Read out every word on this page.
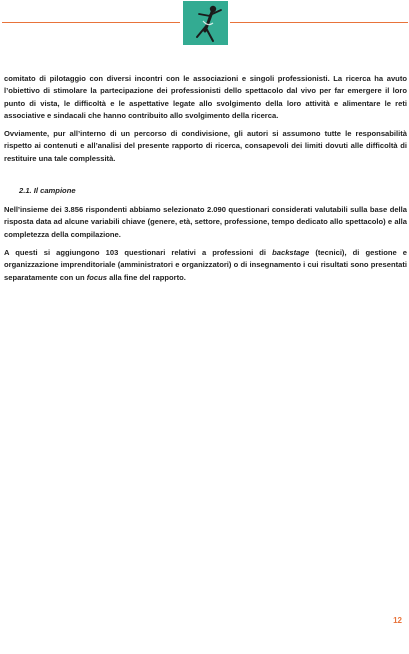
comitato di pilotaggio con diversi incontri con le associazioni e singoli professionisti. La ricerca ha avuto l’obiettivo di stimolare la partecipazione dei professionisti dello spettacolo dal vivo per far emergere il loro punto di vista, le difficoltà e le aspettative legate allo svolgimento della loro attività e alimentare le reti associative e sindacali che hanno contribuito allo svolgimento della ricerca.

Ovviamente, pur all’interno di un percorso di condivisione, gli autori si assumono tutte le responsabilità rispetto ai contenuti e all’analisi del presente rapporto di ricerca, consapevoli dei limiti dovuti alle difficoltà di restituire una tale complessità.

2.1. Il campione

Nell’insieme dei 3.856 rispondenti abbiamo selezionato 2.090 questionari considerati valutabili sulla base della risposta data ad alcune variabili chiave (genere, età, settore, professione, tempo dedicato allo spettacolo) e alla completezza della compilazione.

A questi si aggiungono 103 questionari relativi a professioni di backstage (tecnici), di gestione e organizzazione imprenditoriale (amministratori e organizzatori) o di insegnamento i cui risultati sono presentati separatamente con un focus alla fine del rapporto.

12
